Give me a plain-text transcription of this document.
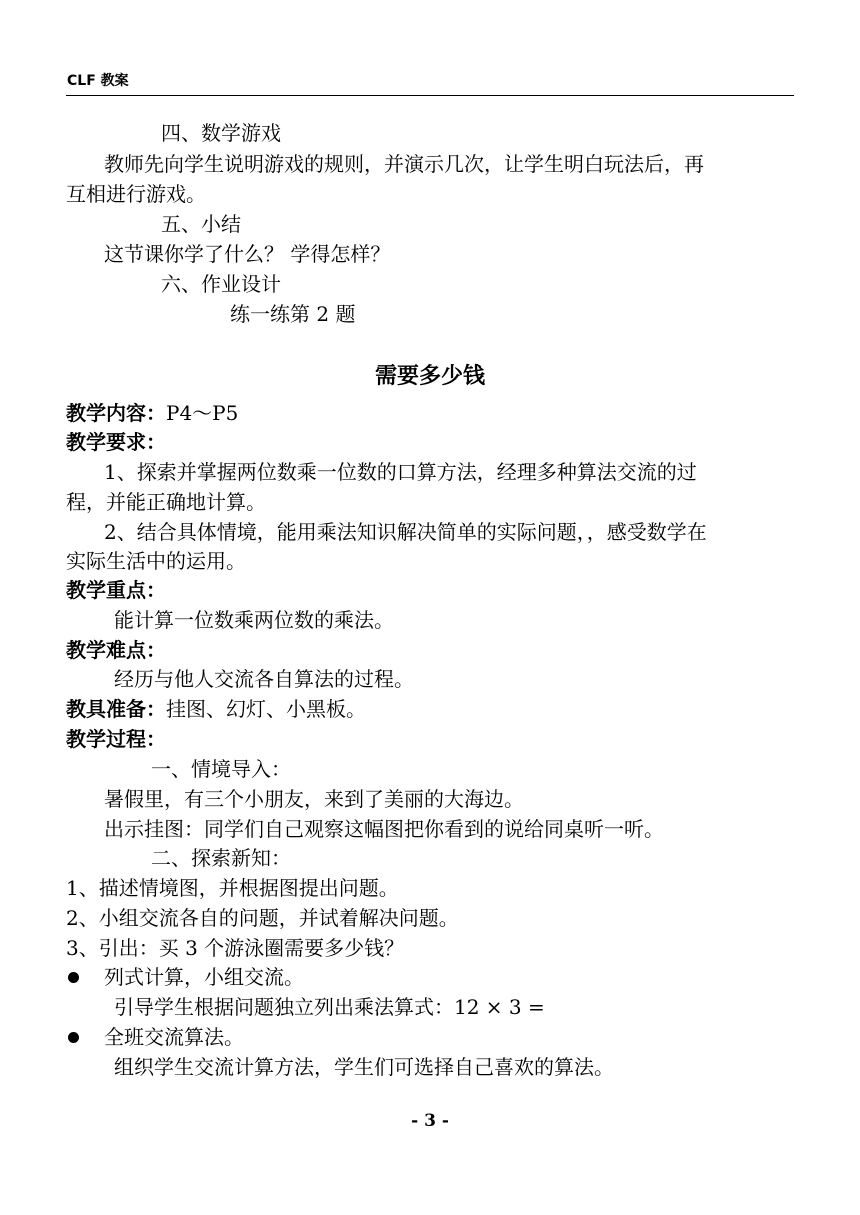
CLF 教案
四、数学游戏
教师先向学生说明游戏的规则，并演示几次，让学生明白玩法后，再
互相进行游戏。
五、小结
这节课你学了什么？ 学得怎样？
六、作业设计
练一练第 2 题
需要多少钱
教学内容：P4～P5
教学要求：
1、探索并掌握两位数乘一位数的口算方法，经理多种算法交流的过
程，并能正确地计算。
2、结合具体情境，能用乘法知识解决简单的实际问题，，感受数学在
实际生活中的运用。
教学重点：
能计算一位数乘两位数的乘法。
教学难点：
经历与他人交流各自算法的过程。
教具准备：挂图、幻灯、小黑板。
教学过程：
一、情境导入：
暑假里，有三个小朋友，来到了美丽的大海边。
出示挂图：同学们自己观察这幅图把你看到的说给同桌听一听。
二、探索新知：
1、描述情境图，并根据图提出问题。
2、小组交流各自的问题，并试着解决问题。
3、引出：买 3 个游泳圈需要多少钱？
列式计算，小组交流。
引导学生根据问题独立列出乘法算式：12 × 3 =
全班交流算法。
组织学生交流计算方法，学生们可选择自己喜欢的算法。
- 3 -
